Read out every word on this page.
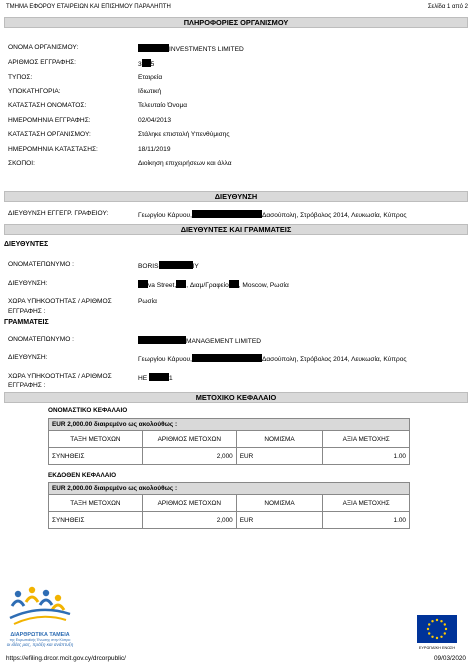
ΤΜΗΜΑ ΕΦΟΡΟΥ ΕΤΑΙΡΕΙΩΝ ΚΑΙ ΕΠΙΣΗΜΟΥ ΠΑΡΑΛΗΠΤΗ	Σελίδα 1 από 2
ΠΛΗΡΟΦΟΡΙΕΣ ΟΡΓΑΝΙΣΜΟΥ
ΟΝΟΜΑ ΟΡΓΑΝΙΣΜΟΥ:	INVESTMENTS LIMITED
ΑΡΙΘΜΟΣ ΕΓΓΡΑΦΗΣ:	3 5
ΤΥΠΟΣ:	Εταιρεία
ΥΠΟΚΑΤΗΓΟΡΙΑ:	Ιδιωτική
ΚΑΤΑΣΤΑΣΗ ΟΝΟΜΑΤΟΣ:	Τελευταίο Όνομα
ΗΜΕΡΟΜΗΝΙΑ ΕΓΓΡΑΦΗΣ:	02/04/2013
ΚΑΤΑΣΤΑΣΗ ΟΡΓΑΝΙΣΜΟΥ:	Στάληκε επιστολή Υπενθύμισης
ΗΜΕΡΟΜΗΝΙΑ ΚΑΤΑΣΤΑΣΗΣ:	18/11/2019
ΣΚΟΠΟΙ:	Διοίκηση επιχειρήσεων και άλλα
ΔΙΕΥΘΥΝΣΗ
ΔΙΕΥΘΥΝΣΗ ΕΓΓΕΓΡ. ΓΡΑΦΕΙΟΥ:	Γεωργίου Κάρυου,	Δασούπολη, Στρόβολος 2014, Λευκωσία, Κύπρος
ΔΙΕΥΘΥΝΤΕΣ ΚΑΙ ΓΡΑΜΜΑΤΕΙΣ
ΔΙΕΥΘΥΝΤΕΣ
ΟΝΟΜΑΤΕΠΩΝΥΜΟ :	BORIS	IY
ΔΙΕΥΘΥΝΣΗ:	va Street, , Διαμ/Γραφείο , Moscow, Ρωσία
ΧΩΡΑ ΥΠΗΚΟΟΤΗΤΑΣ / ΑΡΙΘΜΟΣ
ΕΓΓΡΑΦΗΣ :
Ρωσία
ΓΡΑΜΜΑΤΕΙΣ
ΟΝΟΜΑΤΕΠΩΝΥΜΟ :	MANAGEMENT LIMITED
ΔΙΕΥΘΥΝΣΗ:	Γεωργίου Κάρυου,	Δασούπολη, Στρόβολος 2014, Λευκωσία, Κύπρος
ΧΩΡΑ ΥΠΗΚΟΟΤΗΤΑΣ / ΑΡΙΘΜΟΣ
ΕΓΓΡΑΦΗΣ :
HE	1
ΜΕΤΟΧΙΚΟ ΚΕΦΑΛΑΙΟ
ΟΝΟΜΑΣΤΙΚΟ ΚΕΦΑΛΑΙΟ
EUR 2,000.00 διαιρεμένο ως ακολούθως :			
ΤΑΞΗ ΜΕΤΟΧΩΝ	ΑΡΙΘΜΟΣ ΜΕΤΟΧΩΝ	ΝΟΜΙΣΜΑ	ΑΞΙΑ ΜΕΤΟΧΗΣ
ΣΥΝΗΘΕΙΣ	2,000	EUR	1.00
ΕΚΔΟΘΕΝ ΚΕΦΑΛΑΙΟ
EUR 2,000.00 διαιρεμένο ως ακολούθως :			
ΤΑΞΗ ΜΕΤΟΧΩΝ	ΑΡΙΘΜΟΣ ΜΕΤΟΧΩΝ	ΝΟΜΙΣΜΑ	ΑΞΙΑ ΜΕΤΟΧΗΣ
ΣΥΝΗΘΕΙΣ	2,000	EUR	1.00
ΔΙΑΡΘΡΩΤΙΚΑ ΤΑΜΕΙΑ
της Ευρωπαϊκής Ένωσης στην Κύπρο
οι ιδέες μας, πράξη και ανάπτυξη
ΕΥΡΩΠΑΪΚΗ ΕΝΩΣΗ
https://efiling.drcor.mcit.gov.cy/drcorpublic/	09/03/2020
